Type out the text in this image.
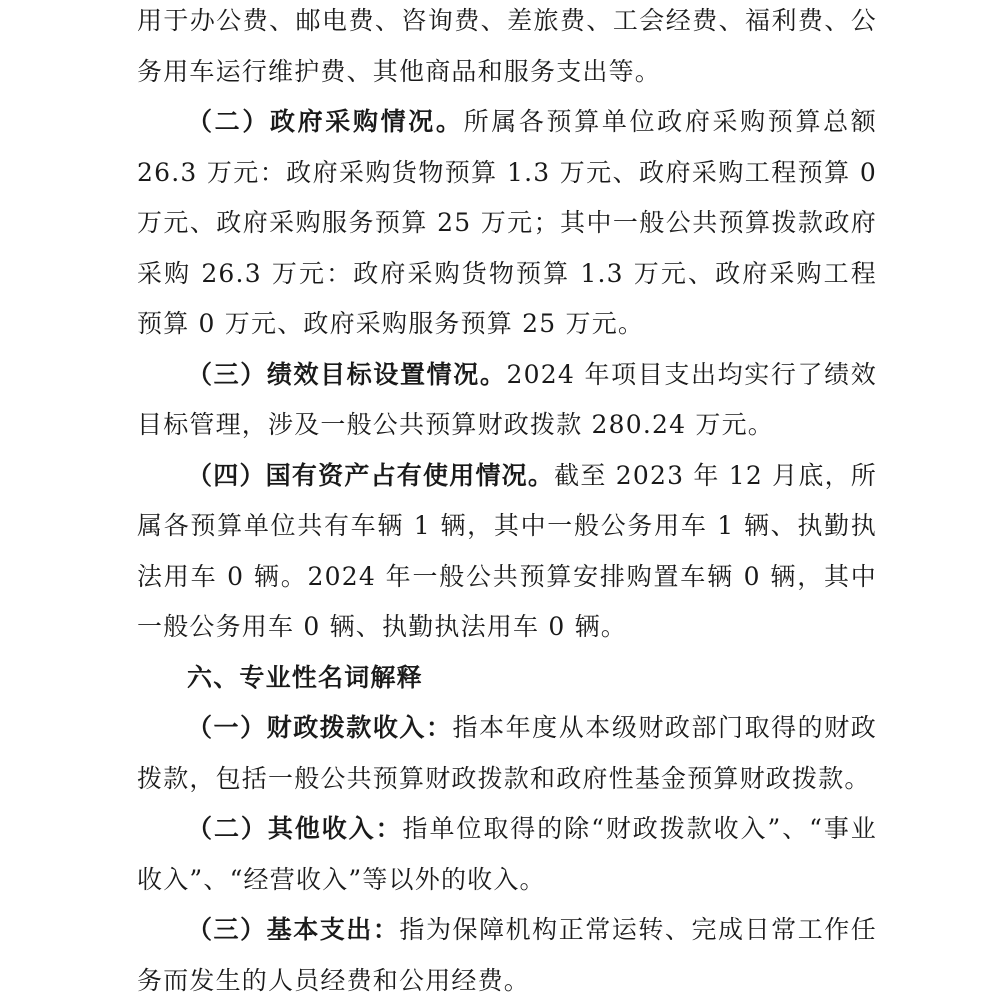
用于办公费、邮电费、咨询费、差旅费、工会经费、福利费、公务用车运行维护费、其他商品和服务支出等。

（二）政府采购情况。所属各预算单位政府采购预算总额 26.3 万元：政府采购货物预算 1.3 万元、政府采购工程预算 0 万元、政府采购服务预算 25 万元；其中一般公共预算拨款政府采购 26.3 万元：政府采购货物预算 1.3 万元、政府采购工程预算 0 万元、政府采购服务预算 25 万元。

（三）绩效目标设置情况。2024 年项目支出均实行了绩效目标管理，涉及一般公共预算财政拨款 280.24 万元。

（四）国有资产占有使用情况。截至 2023 年 12 月底，所属各预算单位共有车辆 1 辆，其中一般公务用车 1 辆、执勤执法用车 0 辆。2024 年一般公共预算安排购置车辆 0 辆，其中一般公务用车 0 辆、执勤执法用车 0 辆。

六、专业性名词解释

（一）财政拨款收入：指本年度从本级财政部门取得的财政拨款，包括一般公共预算财政拨款和政府性基金预算财政拨款。

（二）其他收入：指单位取得的除“财政拨款收入”、“事业收入”、“经营收入”等以外的收入。

（三）基本支出：指为保障机构正常运转、完成日常工作任务而发生的人员经费和公用经费。
